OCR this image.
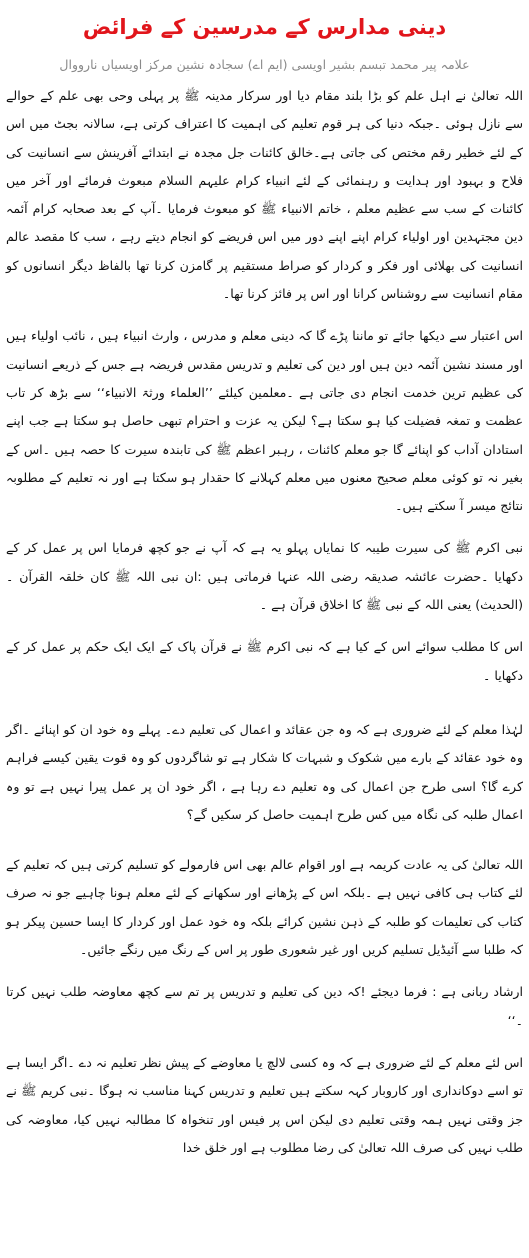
دینی مدارس کے مدرسین کے فرائض
علامہ پیر محمد تبسم بشیر اویسی (ایم اے) سجادہ نشین مرکز اویسیاں نارووال
اللہ تعالیٰ نے اہل علم کو بڑا بلند مقام دیا اور سرکار مدینہ ﷺ پر پہلی وحی بھی علم کے حوالے سے نازل ہوئی ۔جبکہ دنیا کی ہر قوم تعلیم کی اہمیت کا اعتراف کرتی ہے، سالانہ بجٹ میں اس کے لئے خطیر رقم مختص کی جاتی ہے۔خالق کائنات جل مجدہ نے ابتدائے آفرینش سے انسانیت کی فلاح و بہبود اور ہدایت و رہنمائی کے لئے انبیاء کرام علیہم السلام مبعوث فرمائے اور آخر میں کائنات کے سب سے عظیم معلم ، خاتم الانبیاء ﷺ کو مبعوث فرمایا ۔آپ کے بعد صحابہ کرام آئمہ دین مجتہدین اور اولیاء کرام اپنے اپنے دور میں اس فریضے کو انجام دیتے رہے ، سب کا مقصد عالم انسانیت کی بھلائی اور فکر و کردار کو صراط مستقیم پر گامزن کرنا تھا بالفاظ دیگر انسانوں کو مقام انسانیت سے روشناس کرانا اور اس پر فائز کرنا تھا۔
اس اعتبار سے دیکھا جائے تو ماننا پڑے گا کہ دینی معلم و مدرس ، وارث انبیاء ہیں ، نائب اولیاء ہیں اور مسند نشین آئمہ دین ہیں اور دین کی تعلیم و تدریس مقدس فریضہ ہے جس کے ذریعے انسانیت کی عظیم ترین خدمت انجام دی جاتی ہے ۔معلمین کیلئے ’’العلماء ورثۃ الانبیاء‘‘ سے بڑھ کر تاب عظمت و تمغہ فضیلت کیا ہو سکتا ہے؟ لیکن یہ عزت و احترام تبھی حاصل ہو سکتا ہے جب اپنے استادان آداب کو اپنائے گا جو معلم کائنات ، رہبر اعظم ﷺ کی تابندہ سیرت کا حصہ ہیں ۔اس کے بغیر نہ تو کوئی معلم صحیح معنوں میں معلم کہلانے کا حقدار ہو سکتا ہے اور نہ تعلیم کے مطلوبہ نتائج میسر آ سکتے ہیں۔
نبی اکرم ﷺ کی سیرت طیبہ کا نمایاں پہلو یہ ہے کہ آپ نے جو کچھ فرمایا اس پر عمل کر کے دکھایا ۔حضرت عائشہ صدیقہ رضی اللہ عنہا فرماتی ہیں :ان نبی اللہ ﷺ کان خلقہ القرآن ۔(الحدیث) یعنی اللہ کے نبی ﷺ کا اخلاق قرآن ہے ۔
اس کا مطلب سوائے اس کے کیا ہے کہ نبی اکرم ﷺ نے قرآن پاک کے ایک ایک حکم پر عمل کر کے دکھایا ۔
لہٰذا معلم کے لئے ضروری ہے کہ وہ جن عقائد و اعمال کی تعلیم دے۔ پہلے وہ خود ان کو اپنائے ۔اگر وہ خود عقائد کے بارے میں شکوک و شبہات کا شکار ہے تو شاگردوں کو وہ قوت یقین کیسے فراہم کرے گا؟ اسی طرح جن اعمال کی وہ تعلیم دے رہا ہے ، اگر خود ان پر عمل پیرا نہیں ہے تو وہ اعمال طلبہ کی نگاہ میں کس طرح اہمیت حاصل کر سکیں گے؟
اللہ تعالیٰ کی یہ عادت کریمہ ہے اور اقوام عالم بھی اس فارمولے کو تسلیم کرتی ہیں کہ تعلیم کے لئے کتاب ہی کافی نہیں ہے ۔بلکہ اس کے پڑھانے اور سکھانے کے لئے معلم ہونا چاہیے جو نہ صرف کتاب کی تعلیمات کو طلبہ کے ذہن نشین کرائے بلکہ وہ خود عمل اور کردار کا ایسا حسین پیکر ہو کہ طلبا سے آئیڈیل تسلیم کریں اور غیر شعوری طور پر اس کے رنگ میں رنگے جائیں۔
ارشاد ربانی ہے : فرما دیجئے !کہ دین کی تعلیم و تدریس پر تم سے کچھ معاوضہ طلب نہیں کرتا ۔‘‘
اس لئے معلم کے لئے ضروری ہے کہ وہ کسی لالچ یا معاوضے کے پیش نظر تعلیم نہ دے ۔اگر ایسا ہے تو اسے دوکانداری اور کاروبار کہہ سکتے ہیں تعلیم و تدریس کہنا مناسب نہ ہوگا ۔نبی کریم ﷺ نے جز وقتی نہیں ہمہ وقتی تعلیم دی لیکن اس پر فیس اور تنخواہ کا مطالبہ نہیں کیا، معاوضہ کی طلب نہیں کی صرف اللہ تعالیٰ کی رضا مطلوب ہے اور خلق خدا
